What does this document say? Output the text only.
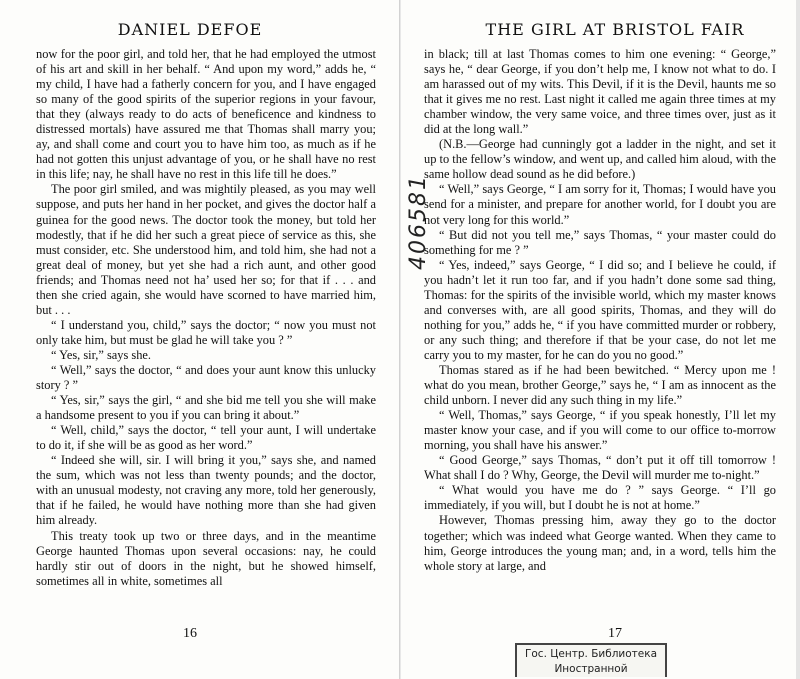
DANIEL DEFOE

now for the poor girl, and told her, that he had employed the utmost of his art and skill in her behalf. “ And upon my word,” adds he, “ my child, I have had a fatherly concern for you, and I have engaged so many of the good spirits of the superior regions in your favour, that they (always ready to do acts of beneficence and kindness to distressed mortals) have assured me that Thomas shall marry you; ay, and shall come and court you to have him too, as much as if he had not gotten this unjust advantage of you, or he shall have no rest in this life; nay, he shall have no rest in this life till he does.”

The poor girl smiled, and was mightily pleased, as you may well suppose, and puts her hand in her pocket, and gives the doctor half a guinea for the good news. The doctor took the money, but told her modestly, that if he did her such a great piece of service as this, she must consider, etc. She understood him, and told him, she had not a great deal of money, but yet she had a rich aunt, and other good friends; and Thomas need not ha’ used her so; for that if . . . and then she cried again, she would have scorned to have married him, but . . .

“ I understand you, child,” says the doctor; “ now you must not only take him, but must be glad he will take you ? ”

“ Yes, sir,” says she.

“ Well,” says the doctor, “ and does your aunt know this unlucky story ? ”

“ Yes, sir,” says the girl, “ and she bid me tell you she will make a handsome present to you if you can bring it about.”

“ Well, child,” says the doctor, “ tell your aunt, I will undertake to do it, if she will be as good as her word.”

“ Indeed she will, sir. I will bring it you,” says she, and named the sum, which was not less than twenty pounds; and the doctor, with an unusual modesty, not craving any more, told her generously, that if he failed, he would have nothing more than she had given him already.

This treaty took up two or three days, and in the meantime George haunted Thomas upon several occasions: nay, he could hardly stir out of doors in the night, but he showed himself, sometimes all in white, sometimes all

16
THE GIRL AT BRISTOL FAIR

in black; till at last Thomas comes to him one evening: “ George,” says he, “ dear George, if you don’t help me, I know not what to do. I am harassed out of my wits. This Devil, if it is the Devil, haunts me so that it gives me no rest. Last night it called me again three times at my chamber window, the very same voice, and three times over, just as it did at the long wall.”

(N.B.—George had cunningly got a ladder in the night, and set it up to the fellow’s window, and went up, and called him aloud, with the same hollow dead sound as he did before.)

“ Well,” says George, “ I am sorry for it, Thomas; I would have you send for a minister, and prepare for another world, for I doubt you are not very long for this world.”

“ But did not you tell me,” says Thomas, “ your master could do something for me ? ”

“ Yes, indeed,” says George, “ I did so; and I believe he could, if you hadn’t let it run too far, and if you hadn’t done some sad thing, Thomas: for the spirits of the invisible world, which my master knows and converses with, are all good spirits, Thomas, and they will do nothing for you,” adds he, “ if you have committed murder or robbery, or any such thing; and therefore if that be your case, do not let me carry you to my master, for he can do you no good.”

Thomas stared as if he had been bewitched. “ Mercy upon me ! what do you mean, brother George,” says he, “ I am as innocent as the child unborn. I never did any such thing in my life.”

“ Well, Thomas,” says George, “ if you speak honestly, I’ll let my master know your case, and if you will come to our office to-morrow morning, you shall have his answer.”

“ Good George,” says Thomas, “ don’t put it off till tomorrow ! What shall I do ? Why, George, the Devil will murder me to-night.”

“ What would you have me do ? ” says George. “ I’ll go immediately, if you will, but I doubt he is not at home.”

However, Thomas pressing him, away they go to the doctor together; which was indeed what George wanted. When they came to him, George introduces the young man; and, in a word, tells him the whole story at large, and

17
406581
Гос. Центр. Библиотека
Иностранной
